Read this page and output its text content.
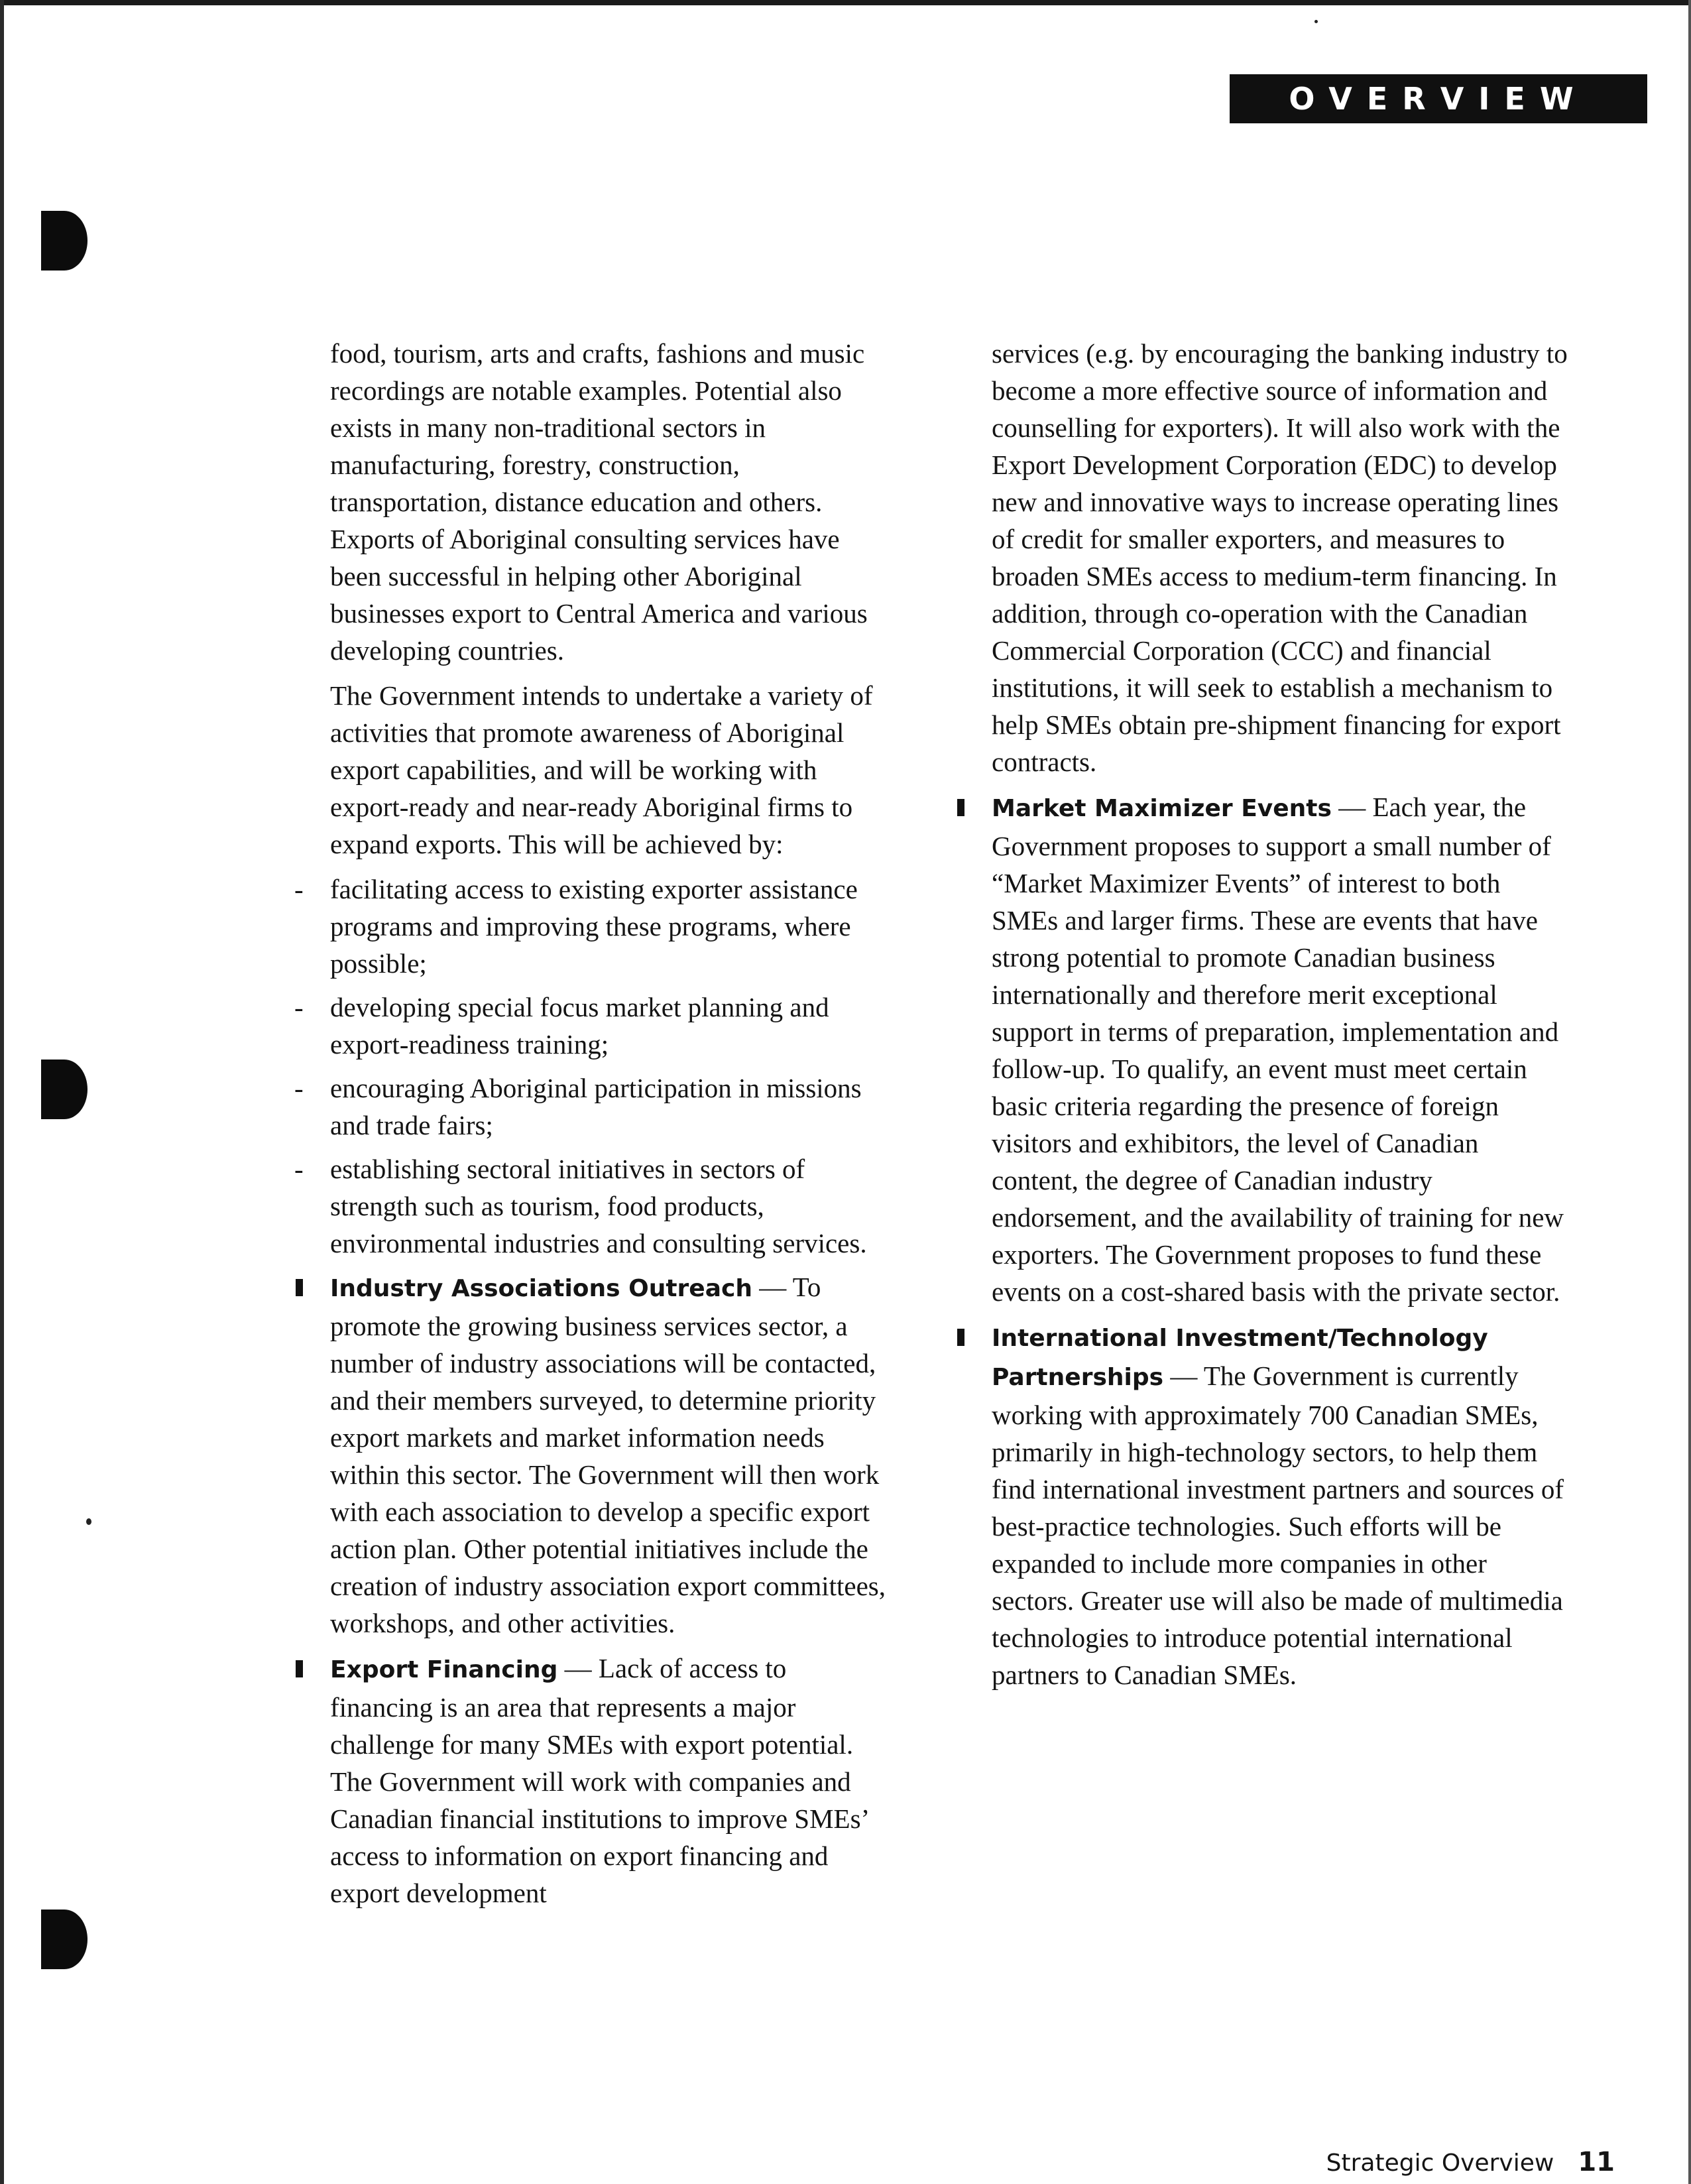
OVERVIEW

food, tourism, arts and crafts, fashions and music recordings are notable examples. Potential also exists in many non-traditional sectors in manufacturing, forestry, construction, transportation, distance education and others. Exports of Aboriginal consulting services have been successful in helping other Aboriginal businesses export to Central America and various developing countries.

The Government intends to undertake a variety of activities that promote awareness of Aboriginal export capabilities, and will be working with export-ready and near-ready Aboriginal firms to expand exports. This will be achieved by:

- facilitating access to existing exporter assistance programs and improving these programs, where possible;
- developing special focus market planning and export-readiness training;
- encouraging Aboriginal participation in missions and trade fairs;
- establishing sectoral initiatives in sectors of strength such as tourism, food products, environmental industries and consulting services.
Industry Associations Outreach — To promote the growing business services sector, a number of industry associations will be contacted, and their members surveyed, to determine priority export markets and market information needs within this sector. The Government will then work with each association to develop a specific export action plan. Other potential initiatives include the creation of industry association export committees, workshops, and other activities.
Export Financing — Lack of access to financing is an area that represents a major challenge for many SMEs with export potential. The Government will work with companies and Canadian financial institutions to improve SMEs’ access to information on export financing and export development

services (e.g. by encouraging the banking industry to become a more effective source of information and counselling for exporters). It will also work with the Export Development Corporation (EDC) to develop new and innovative ways to increase operating lines of credit for smaller exporters, and measures to broaden SMEs access to medium-term financing. In addition, through co-operation with the Canadian Commercial Corporation (CCC) and financial institutions, it will seek to establish a mechanism to help SMEs obtain pre-shipment financing for export contracts.

Market Maximizer Events — Each year, the Government proposes to support a small number of “Market Maximizer Events” of interest to both SMEs and larger firms. These are events that have strong potential to promote Canadian business internationally and therefore merit exceptional support in terms of preparation, implementation and follow-up. To qualify, an event must meet certain basic criteria regarding the presence of foreign visitors and exhibitors, the level of Canadian content, the degree of Canadian industry endorsement, and the availability of training for new exporters. The Government proposes to fund these events on a cost-shared basis with the private sector.
International Investment/Technology Partnerships — The Government is currently working with approximately 700 Canadian SMEs, primarily in high-technology sectors, to help them find international investment partners and sources of best-practice technologies. Such efforts will be expanded to include more companies in other sectors. Greater use will also be made of multimedia technologies to introduce potential international partners to Canadian SMEs.
Strategic Overview 11
